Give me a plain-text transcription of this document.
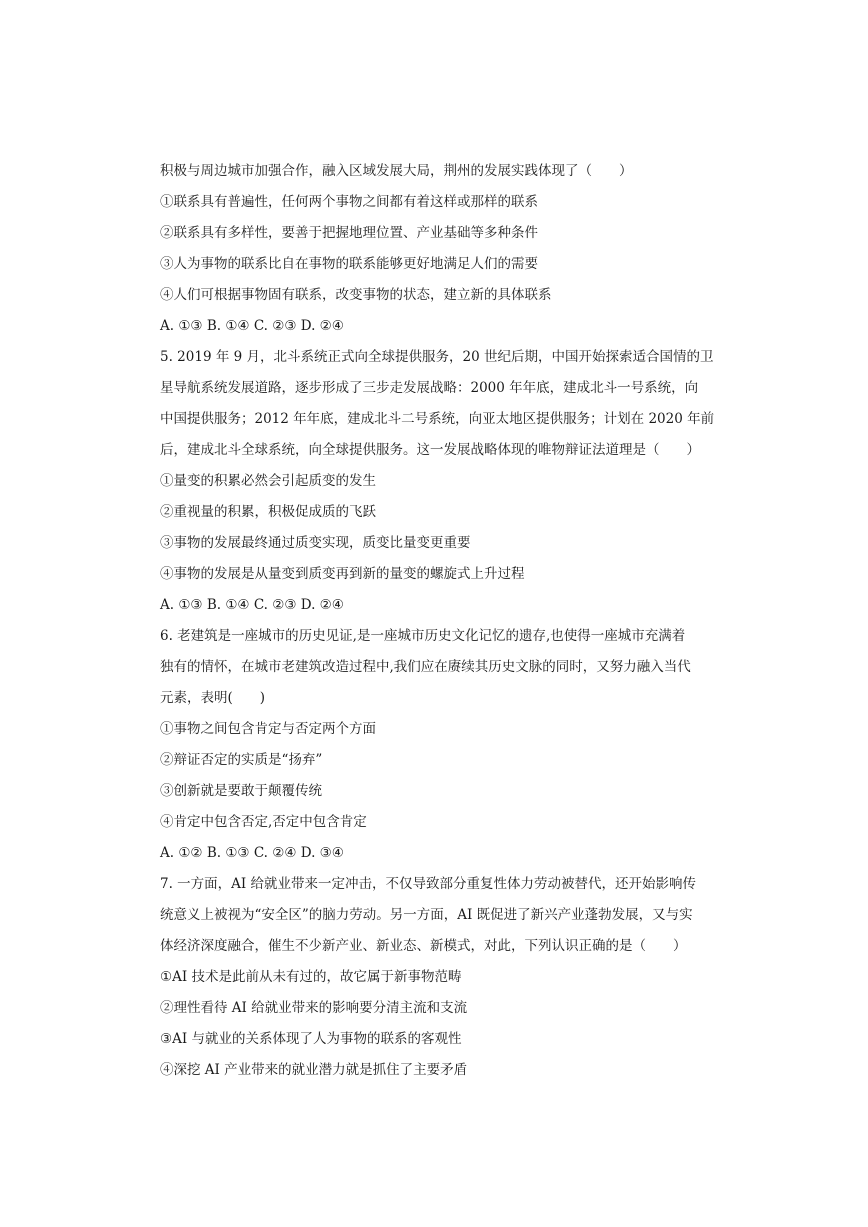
积极与周边城市加强合作，融入区域发展大局，荆州的发展实践体现了（　　）
①联系具有普遍性，任何两个事物之间都有着这样或那样的联系
②联系具有多样性，要善于把握地理位置、产业基础等多种条件
③人为事物的联系比自在事物的联系能够更好地满足人们的需要
④人们可根据事物固有联系，改变事物的状态，建立新的具体联系
A. ①③ B. ①④ C. ②③ D. ②④
5. 2019 年 9 月，北斗系统正式向全球提供服务，20 世纪后期，中国开始探索适合国情的卫
星导航系统发展道路，逐步形成了三步走发展战略：2000 年年底，建成北斗一号系统，向
中国提供服务；2012 年年底，建成北斗二号系统，向亚太地区提供服务；计划在 2020 年前
后，建成北斗全球系统，向全球提供服务。这一发展战略体现的唯物辩证法道理是（　　）
①量变的积累必然会引起质变的发生
②重视量的积累，积极促成质的飞跃
③事物的发展最终通过质变实现，质变比量变更重要
④事物的发展是从量变到质变再到新的量变的螺旋式上升过程
A. ①③ B. ①④ C. ②③ D. ②④
6. 老建筑是一座城市的历史见证,是一座城市历史文化记忆的遗存,也使得一座城市充满着
独有的情怀，在城市老建筑改造过程中,我们应在赓续其历史文脉的同时，又努力融入当代
元素，表明(　　)
①事物之间包含肯定与否定两个方面
②辩证否定的实质是“扬弃”
③创新就是要敢于颠覆传统
④肯定中包含否定,否定中包含肯定
A. ①② B. ①③ C. ②④ D. ③④
7. 一方面，AI 给就业带来一定冲击，不仅导致部分重复性体力劳动被替代，还开始影响传
统意义上被视为“安全区”的脑力劳动。另一方面，AI 既促进了新兴产业蓬勃发展，又与实
体经济深度融合，催生不少新产业、新业态、新模式，对此，下列认识正确的是（　　）
①AI 技术是此前从未有过的，故它属于新事物范畴
②理性看待 AI 给就业带来的影响要分清主流和支流
③AI 与就业的关系体现了人为事物的联系的客观性
④深挖 AI 产业带来的就业潜力就是抓住了主要矛盾
